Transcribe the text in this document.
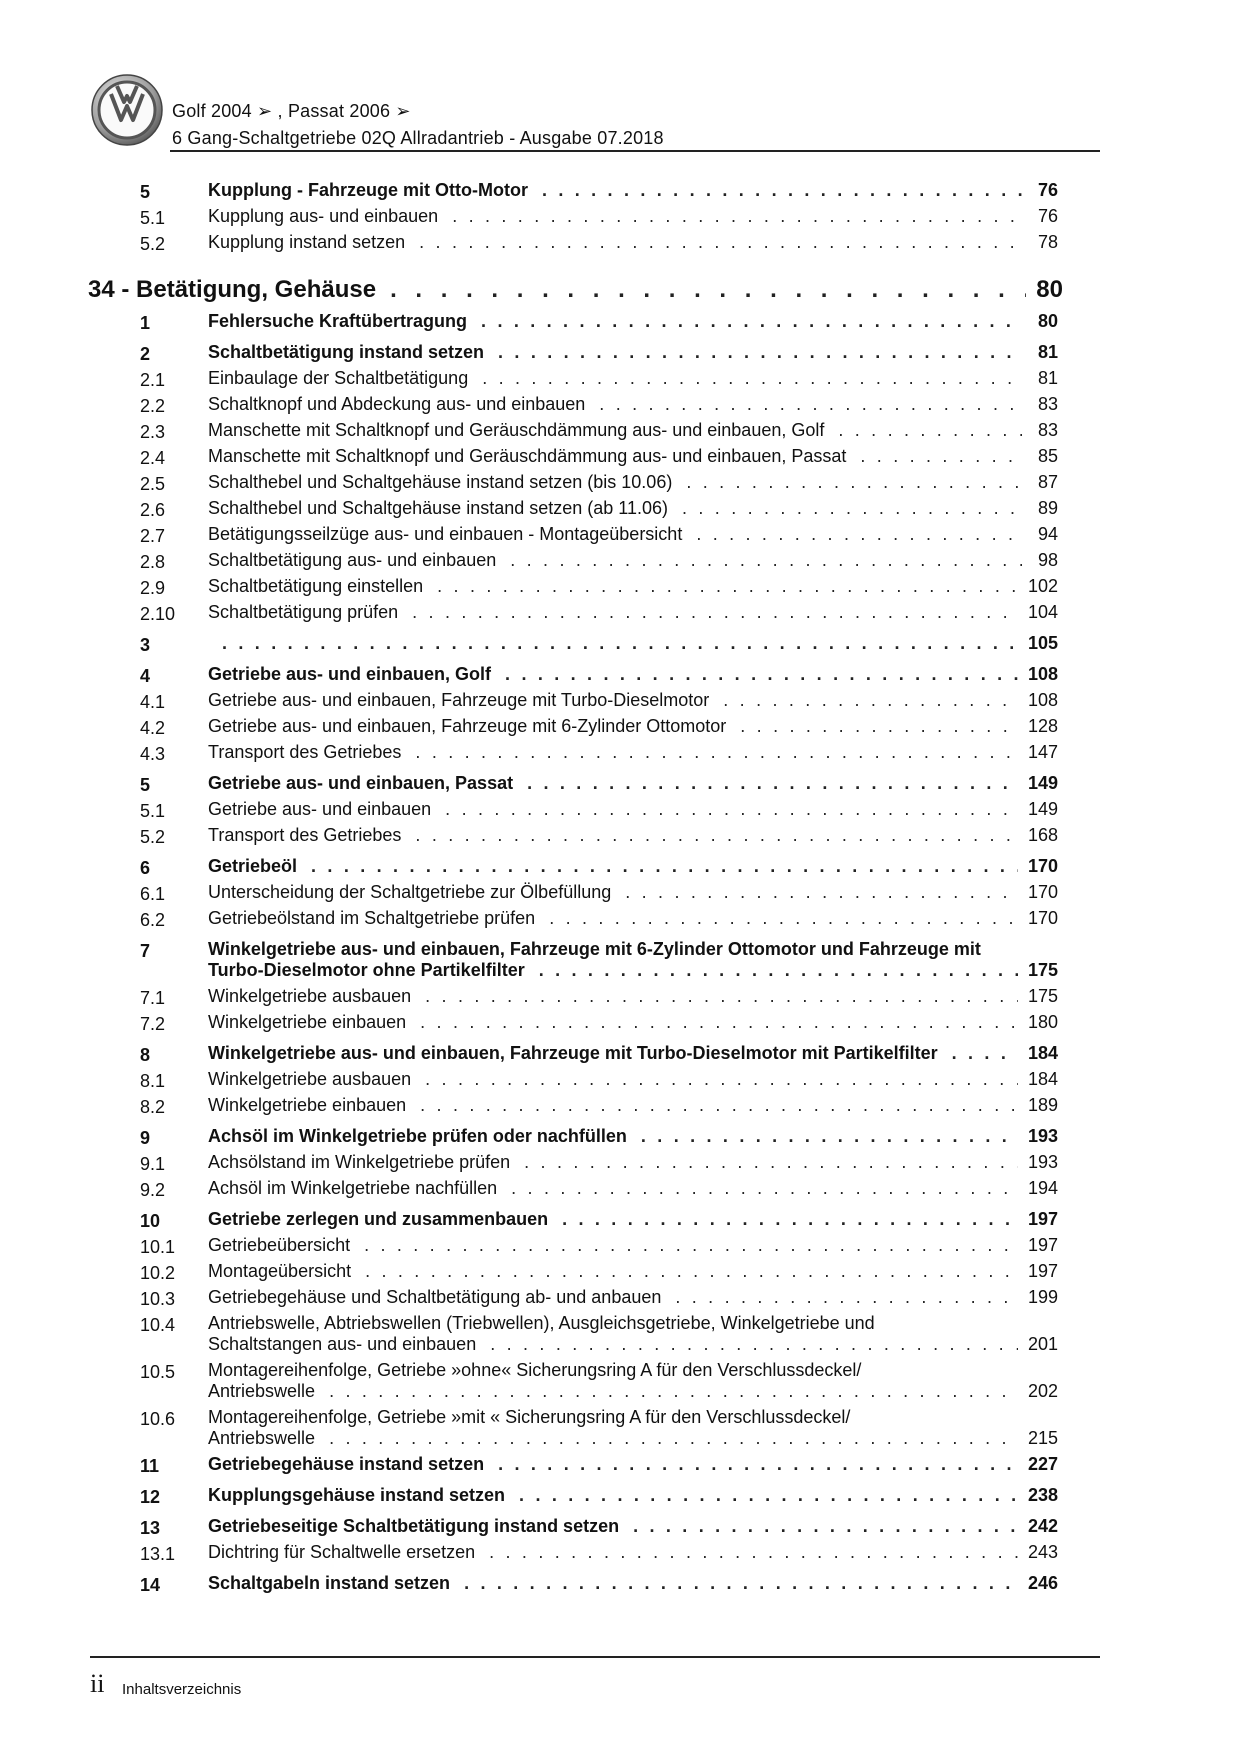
Golf 2004 ➢ , Passat 2006 ➢
6 Gang-Schaltgetriebe 02Q Allradantrieb - Ausgabe 07.2018
5	Kupplung - Fahrzeuge mit Otto-Motor . . .	76
5.1 Kupplung aus- und einbauen . . .	76
5.2 Kupplung instand setzen . . .	78
34 - Betätigung, Gehäuse . . .	80
1	Fehlersuche Kraftübertragung . . .	80
2	Schaltbetätigung instand setzen . . .	81
2.1 Einbaulage der Schaltbetätigung . . .	81
2.2 Schaltknopf und Abdeckung aus- und einbauen . . .	83
2.3 Manschette mit Schaltknopf und Geräuschdämmung aus- und einbauen, Golf . . .	83
2.4 Manschette mit Schaltknopf und Geräuschdämmung aus- und einbauen, Passat . . .	85
2.5 Schalthebel und Schaltgehäuse instand setzen (bis 10.06) . . .	87
2.6 Schalthebel und Schaltgehäuse instand setzen (ab 11.06) . . .	89
2.7 Betätigungsseilzüge aus- und einbauen - Montageübersicht . . .	94
2.8 Schaltbetätigung aus- und einbauen . . .	98
2.9 Schaltbetätigung einstellen . . .	102
2.10 Schaltbetätigung prüfen . . .	104
3 . . .	105
4	Getriebe aus- und einbauen, Golf . . .	108
4.1 Getriebe aus- und einbauen, Fahrzeuge mit Turbo-Dieselmotor . . .	108
4.2 Getriebe aus- und einbauen, Fahrzeuge mit 6-Zylinder Ottomotor . . .	128
4.3 Transport des Getriebes . . .	147
5	Getriebe aus- und einbauen, Passat . . .	149
5.1 Getriebe aus- und einbauen . . .	149
5.2 Transport des Getriebes . . .	168
6	Getriebeöl . . .	170
6.1 Unterscheidung der Schaltgetriebe zur Ölbefüllung . . .	170
6.2 Getriebeölstand im Schaltgetriebe prüfen . . .	170
7	Winkelgetriebe aus- und einbauen, Fahrzeuge mit 6-Zylinder Ottomotor und Fahrzeuge mit
Turbo-Dieselmotor ohne Partikelfilter . . .	175
7.1 Winkelgetriebe ausbauen . . .	175
7.2 Winkelgetriebe einbauen . . .	180
8	Winkelgetriebe aus- und einbauen, Fahrzeuge mit Turbo-Dieselmotor mit Partikelfilter . . .	184
8.1 Winkelgetriebe ausbauen . . .	184
8.2 Winkelgetriebe einbauen . . .	189
9	Achsöl im Winkelgetriebe prüfen oder nachfüllen . . .	193
9.1 Achsölstand im Winkelgetriebe prüfen . . .	193
9.2 Achsöl im Winkelgetriebe nachfüllen . . .	194
10	Getriebe zerlegen und zusammenbauen . . .	197
10.1 Getriebeübersicht . . .	197
10.2 Montageübersicht . . .	197
10.3 Getriebegehäuse und Schaltbetätigung ab- und anbauen . . .	199
10.4 Antriebswelle, Abtriebswellen (Triebwellen), Ausgleichsgetriebe, Winkelgetriebe und
Schaltstangen aus- und einbauen . . .	201
10.5 Montagereihenfolge, Getriebe »ohne« Sicherungsring A für den Verschlussdeckel/
Antriebswelle . . .	202
10.6 Montagereihenfolge, Getriebe »mit « Sicherungsring A für den Verschlussdeckel/
Antriebswelle . . .	215
11	Getriebegehäuse instand setzen . . .	227
12	Kupplungsgehäuse instand setzen . . .	238
13	Getriebeseitige Schaltbetätigung instand setzen . . .	242
13.1 Dichtring für Schaltwelle ersetzen . . .	243
14	Schaltgabeln instand setzen . . .	246
ii Inhaltsverzeichnis
